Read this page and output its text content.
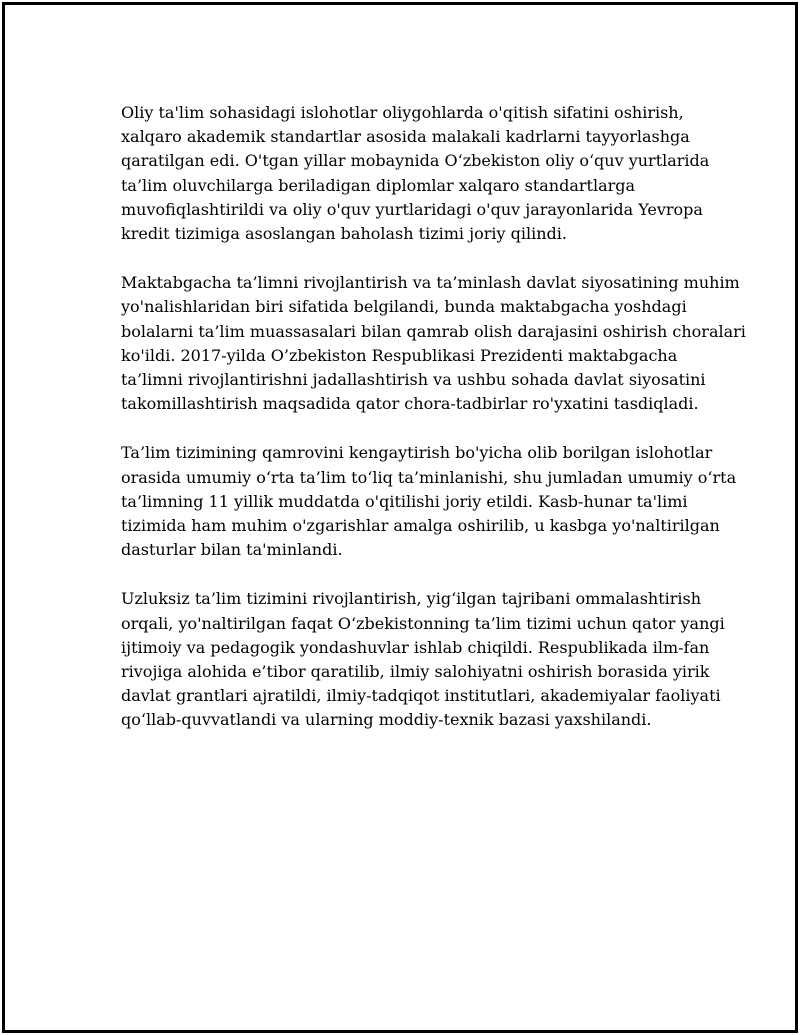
Oliy ta'lim sohasidagi islohotlar oliygohlarda o'qitish sifatini oshirish,
xalqaro akademik standartlar asosida malakali kadrlarni tayyorlashga
qaratilgan edi. O'tgan yillar mobaynida O‘zbekiston oliy o‘quv yurtlarida
ta’lim oluvchilarga beriladigan diplomlar xalqaro standartlarga
muvofiqlashtirildi va oliy o'quv yurtlaridagi o'quv jarayonlarida Yevropa
kredit tizimiga asoslangan baholash tizimi joriy qilindi.

Maktabgacha ta’limni rivojlantirish va ta’minlash davlat siyosatining muhim
yo'nalishlaridan biri sifatida belgilandi, bunda maktabgacha yoshdagi
bolalarni ta’lim muassasalari bilan qamrab olish darajasini oshirish choralari
ko'ildi. 2017-yilda O’zbekiston Respublikasi Prezidenti maktabgacha
ta’limni rivojlantirishni jadallashtirish va ushbu sohada davlat siyosatini
takomillashtirish maqsadida qator chora-tadbirlar ro'yxatini tasdiqladi.

Ta’lim tizimining qamrovini kengaytirish bo'yicha olib borilgan islohotlar
orasida umumiy o‘rta ta’lim to‘liq ta’minlanishi, shu jumladan umumiy o‘rta
ta’limning 11 yillik muddatda o'qitilishi joriy etildi. Kasb-hunar ta'limi
tizimida ham muhim o'zgarishlar amalga oshirilib, u kasbga yo'naltirilgan
dasturlar bilan ta'minlandi.

Uzluksiz ta’lim tizimini rivojlantirish, yig‘ilgan tajribani ommalashtirish
orqali, yo'naltirilgan faqat O‘zbekistonning ta’lim tizimi uchun qator yangi
ijtimoiy va pedagogik yondashuvlar ishlab chiqildi. Respublikada ilm-fan
rivojiga alohida e’tibor qaratilib, ilmiy salohiyatni oshirish borasida yirik
davlat grantlari ajratildi, ilmiy-tadqiqot institutlari, akademiyalar faoliyati
qo‘llab-quvvatlandi va ularning moddiy-texnik bazasi yaxshilandi.
